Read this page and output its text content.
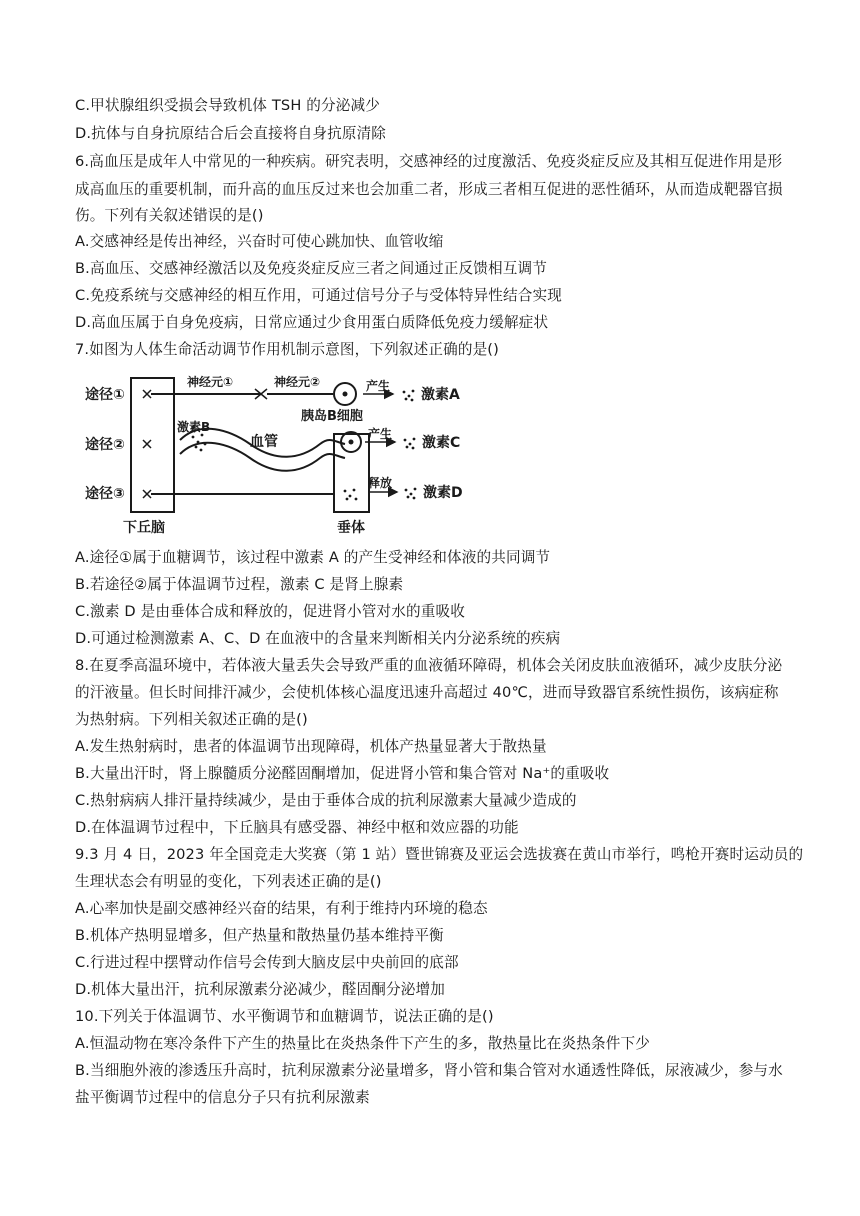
C.甲状腺组织受损会导致机体 TSH 的分泌减少
D.抗体与自身抗原结合后会直接将自身抗原清除
6.高血压是成年人中常见的一种疾病。研究表明，交感神经的过度激活、免疫炎症反应及其相互促进作用是形
成高血压的重要机制，而升高的血压反过来也会加重二者，形成三者相互促进的恶性循环，从而造成靶器官损
伤。下列有关叙述错误的是()
A.交感神经是传出神经，兴奋时可使心跳加快、血管收缩
B.高血压、交感神经激活以及免疫炎症反应三者之间通过正反馈相互调节
C.免疫系统与交感神经的相互作用，可通过信号分子与受体特异性结合实现
D.高血压属于自身免疫病，日常应通过少食用蛋白质降低免疫力缓解症状
7.如图为人体生命活动调节作用机制示意图，下列叙述正确的是()
途径①
途径②
途径③
下丘脑	垂体
神经元①	神经元②	产生
激素A
激素B
血管
胰岛B细胞
产生
激素C
释放
激素D
A.途径①属于血糖调节，该过程中激素 A 的产生受神经和体液的共同调节
B.若途径②属于体温调节过程，激素 C 是肾上腺素
C.激素 D 是由垂体合成和释放的，促进肾小管对水的重吸收
D.可通过检测激素 A、C、D 在血液中的含量来判断相关内分泌系统的疾病
8.在夏季高温环境中，若体液大量丢失会导致严重的血液循环障碍，机体会关闭皮肤血液循环，减少皮肤分泌
的汗液量。但长时间排汗减少，会使机体核心温度迅速升高超过 40℃，进而导致器官系统性损伤，该病症称
为热射病。下列相关叙述正确的是()
A.发生热射病时，患者的体温调节出现障碍，机体产热量显著大于散热量
B.大量出汗时，肾上腺髓质分泌醛固酮增加，促进肾小管和集合管对 Na⁺的重吸收
C.热射病病人排汗量持续减少，是由于垂体合成的抗利尿激素大量减少造成的
D.在体温调节过程中，下丘脑具有感受器、神经中枢和效应器的功能
9.3 月 4 日，2023 年全国竞走大奖赛（第 1 站）暨世锦赛及亚运会选拔赛在黄山市举行，鸣枪开赛时运动员的
生理状态会有明显的变化，下列表述正确的是()
A.心率加快是副交感神经兴奋的结果，有利于维持内环境的稳态
B.机体产热明显增多，但产热量和散热量仍基本维持平衡
C.行进过程中摆臂动作信号会传到大脑皮层中央前回的底部
D.机体大量出汗，抗利尿激素分泌减少，醛固酮分泌增加
10.下列关于体温调节、水平衡调节和血糖调节，说法正确的是()
A.恒温动物在寒冷条件下产生的热量比在炎热条件下产生的多，散热量比在炎热条件下少
B.当细胞外液的渗透压升高时，抗利尿激素分泌量增多，肾小管和集合管对水通透性降低，尿液减少，参与水
盐平衡调节过程中的信息分子只有抗利尿激素
